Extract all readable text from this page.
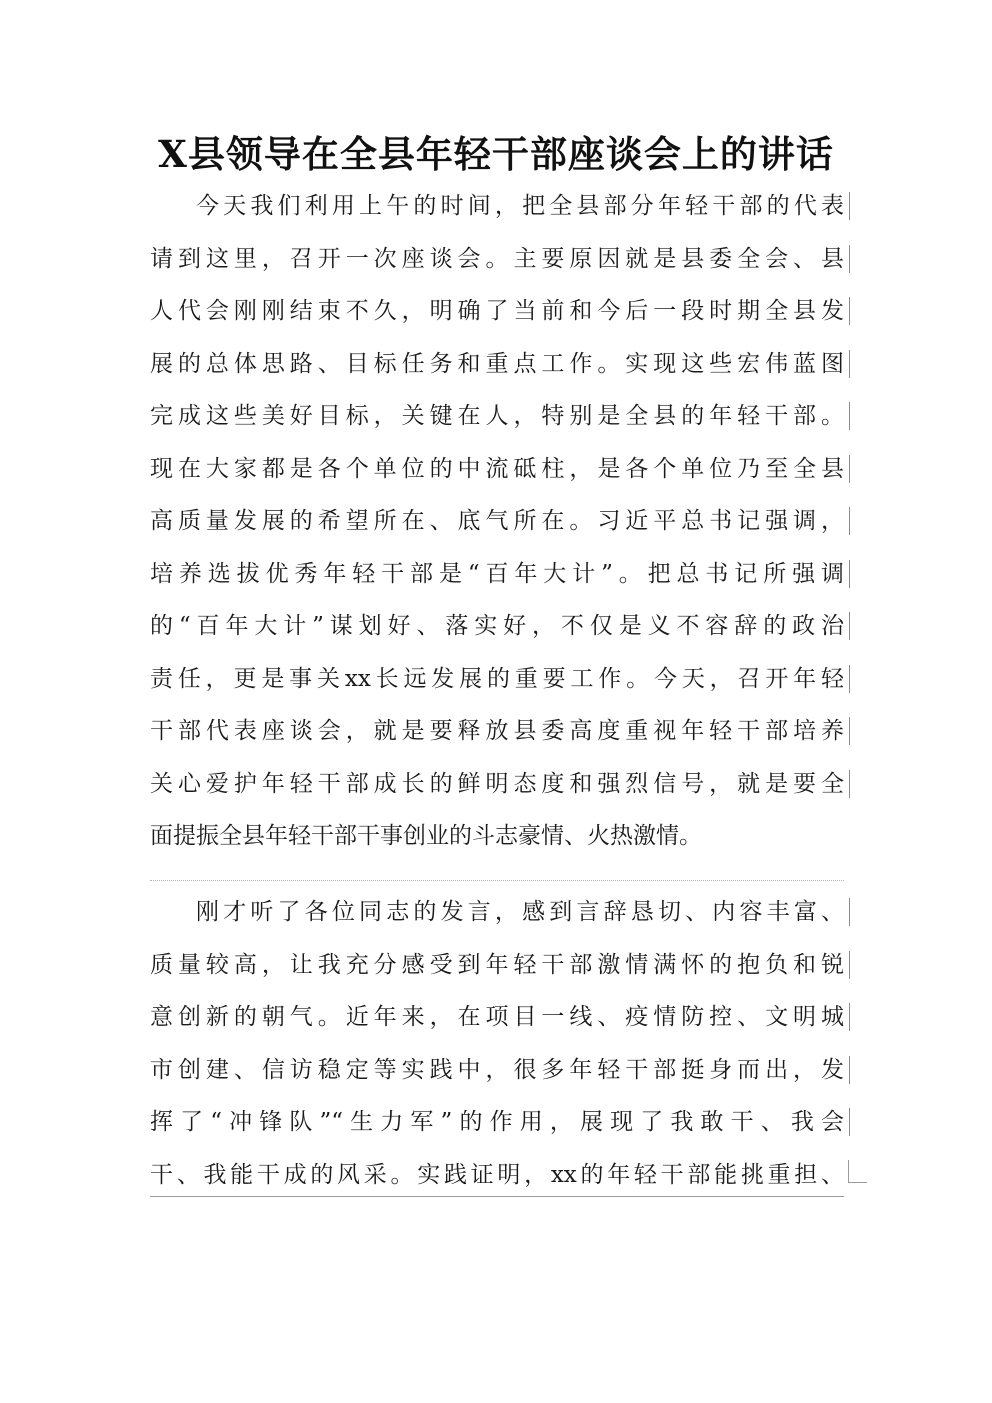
X县领导在全县年轻干部座谈会上的讲话
今天我们利用上午的时间，把全县部分年轻干部的代表
请到这里，召开一次座谈会。主要原因就是县委全会、县
人代会刚刚结束不久，明确了当前和今后一段时期全县发
展的总体思路、目标任务和重点工作。实现这些宏伟蓝图
完成这些美好目标，关键在人，特别是全县的年轻干部。
现在大家都是各个单位的中流砥柱，是各个单位乃至全县
高质量发展的希望所在、底气所在。习近平总书记强调，
培养选拔优秀年轻干部是“百年大计”。把总书记所强调
的“百年大计”谋划好、落实好，不仅是义不容辞的政治
责任，更是事关xx长远发展的重要工作。今天，召开年轻
干部代表座谈会，就是要释放县委高度重视年轻干部培养
关心爱护年轻干部成长的鲜明态度和强烈信号，就是要全
面提振全县年轻干部干事创业的斗志豪情、火热激情。
刚才听了各位同志的发言，感到言辞恳切、内容丰富、
质量较高，让我充分感受到年轻干部激情满怀的抱负和锐
意创新的朝气。近年来，在项目一线、疫情防控、文明城
市创建、信访稳定等实践中，很多年轻干部挺身而出，发
挥了“冲锋队”“生力军”的作用，展现了我敢干、我会
干、我能干成的风采。实践证明，xx的年轻干部能挑重担、
